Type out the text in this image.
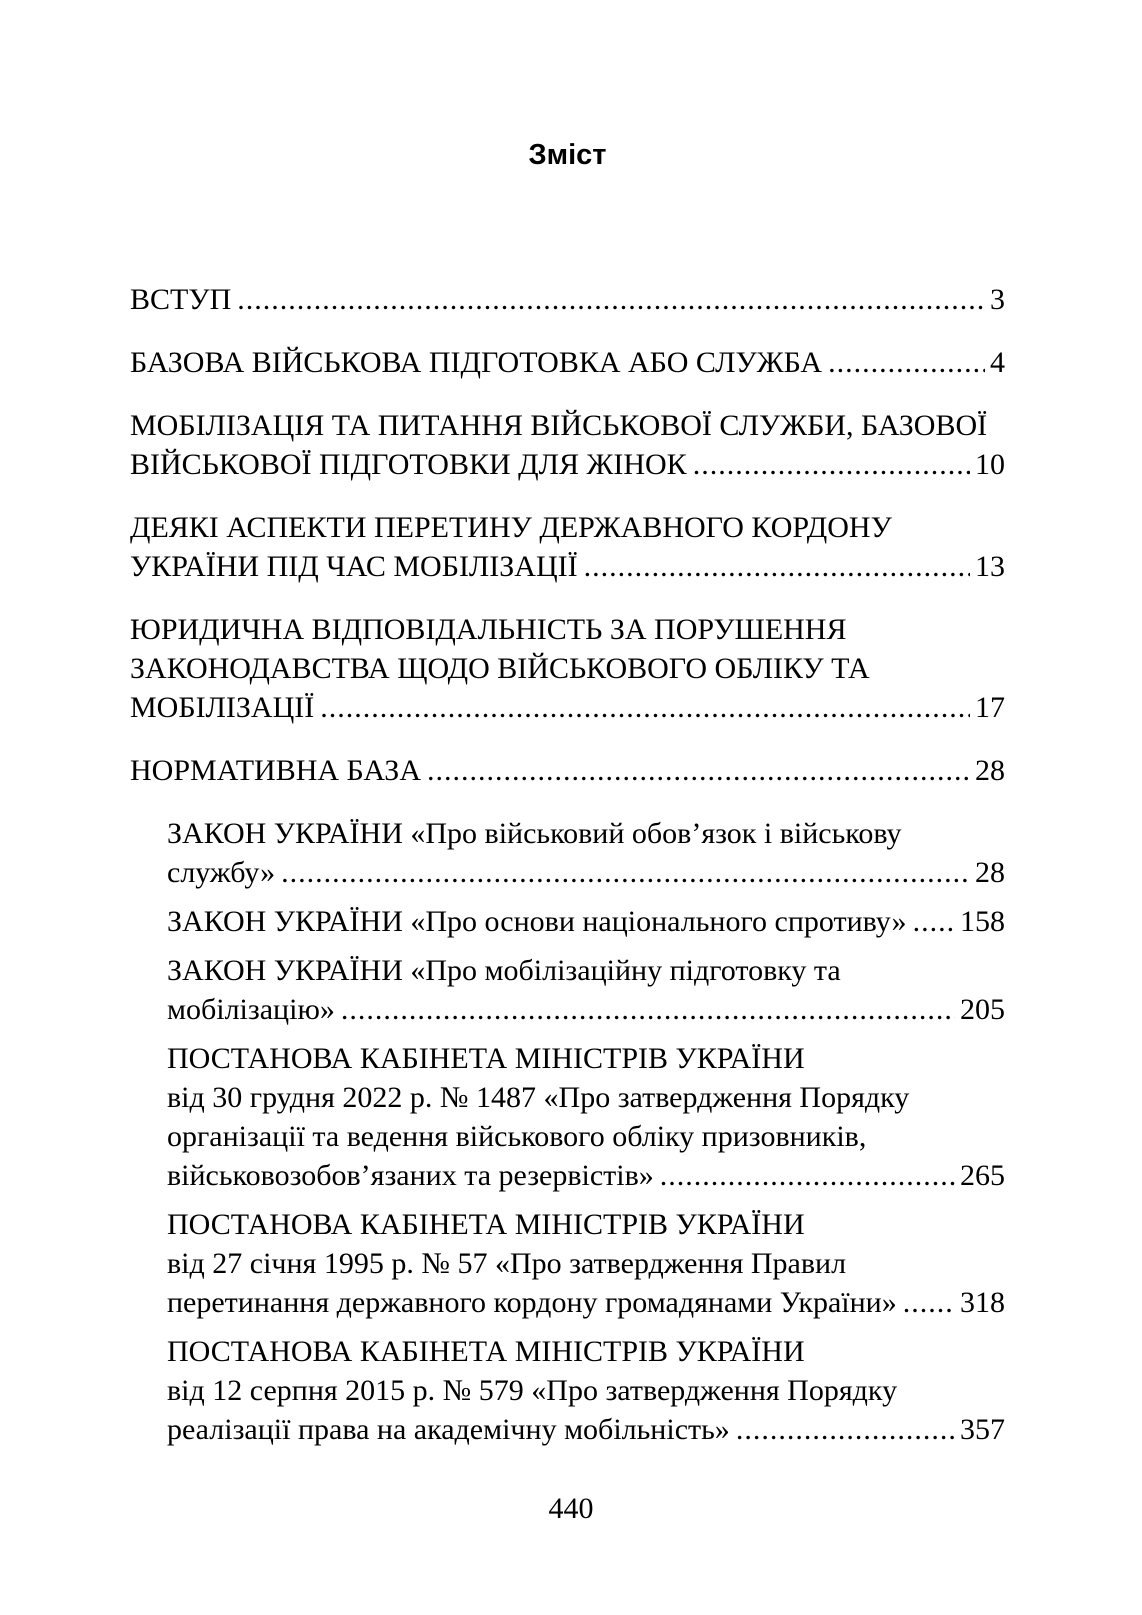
Зміст
ВСТУП .....	3
БАЗОВА ВІЙСЬКОВА ПІДГОТОВКА АБО СЛУЖБА .....	4
МОБІЛІЗАЦІЯ ТА ПИТАННЯ ВІЙСЬКОВОЇ СЛУЖБИ, БАЗОВОЇ
ВІЙСЬКОВОЇ ПІДГОТОВКИ ДЛЯ ЖІНОК .....	10
ДЕЯКІ АСПЕКТИ ПЕРЕТИНУ ДЕРЖАВНОГО КОРДОНУ
УКРАЇНИ ПІД ЧАС МОБІЛІЗАЦІЇ .....	13
ЮРИДИЧНА ВІДПОВІДАЛЬНІСТЬ ЗА ПОРУШЕННЯ
ЗАКОНОДАВСТВА ЩОДО ВІЙСЬКОВОГО ОБЛІКУ ТА
МОБІЛІЗАЦІЇ .....	17
НОРМАТИВНА БАЗА .....	28
ЗАКОН УКРАЇНИ «Про військовий обов’язок і військову
службу» .....	28
ЗАКОН УКРАЇНИ «Про основи національного спротиву» ..... 158
ЗАКОН УКРАЇНИ «Про мобілізаційну підготовку та
мобілізацію» .....	205
ПОСТАНОВА КАБІНЕТА МІНІСТРІВ УКРАЇНИ
від 30 грудня 2022 р. № 1487 «Про затвердження Порядку
організації та ведення військового обліку призовників,
військовозобов’язаних та резервістів» .....	265
ПОСТАНОВА КАБІНЕТА МІНІСТРІВ УКРАЇНИ
від 27 січня 1995 р. № 57 «Про затвердження Правил
перетинання державного кордону громадянами України» ..... 318
ПОСТАНОВА КАБІНЕТА МІНІСТРІВ УКРАЇНИ
від 12 серпня 2015 р. № 579 «Про затвердження Порядку
реалізації права на академічну мобільність» .....	357
440
